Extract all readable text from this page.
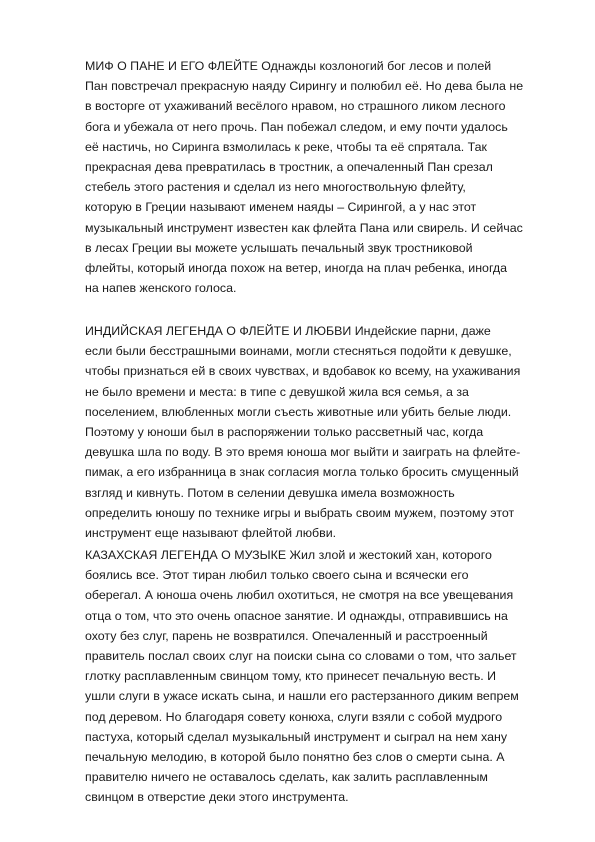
МИФ О ПАНЕ И ЕГО ФЛЕЙТЕ Однажды козлоногий бог лесов и полей
Пан повстречал прекрасную наяду Сирингу и полюбил её. Но дева была не
в восторге от ухаживаний весёлого нравом, но страшного ликом лесного
бога и убежала от него прочь. Пан побежал следом, и ему почти удалось
её настичь, но Сиринга взмолилась к реке, чтобы та её спрятала. Так
прекрасная дева превратилась в тростник, а опечаленный Пан срезал
стебель этого растения и сделал из него многоствольную флейту,
которую в Греции называют именем наяды – Сирингой, а у нас этот
музыкальный инструмент известен как флейта Пана или свирель. И сейчас
в лесах Греции вы можете услышать печальный звук тростниковой
флейты, который иногда похож на ветер, иногда на плач ребенка, иногда
на напев женского голоса.

ИНДИЙСКАЯ ЛЕГЕНДА О ФЛЕЙТЕ И ЛЮБВИ Индейские парни, даже
если были бесстрашными воинами, могли стесняться подойти к девушке,
чтобы признаться ей в своих чувствах, и вдобавок ко всему, на ухаживания
не было времени и места: в типе с девушкой жила вся семья, а за
поселением, влюбленных могли съесть животные или убить белые люди.
Поэтому у юноши был в распоряжении только рассветный час, когда
девушка шла по воду. В это время юноша мог выйти и заиграть на флейте-
пимак, а его избранница в знак согласия могла только бросить смущенный
взгляд и кивнуть. Потом в селении девушка имела возможность
определить юношу по технике игры и выбрать своим мужем, поэтому этот
инструмент еще называют флейтой любви.

КАЗАХСКАЯ ЛЕГЕНДА О МУЗЫКЕ Жил злой и жестокий хан, которого
боялись все. Этот тиран любил только своего сына и всячески его
оберегал. А юноша очень любил охотиться, не смотря на все увещевания
отца о том, что это очень опасное занятие. И однажды, отправившись на
охоту без слуг, парень не возвратился. Опечаленный и расстроенный
правитель послал своих слуг на поиски сына со словами о том, что зальет
глотку расплавленным свинцом тому, кто принесет печальную весть. И
ушли слуги в ужасе искать сына, и нашли его растерзанного диким вепрем
под деревом. Но благодаря совету конюха, слуги взяли с собой мудрого
пастуха, который сделал музыкальный инструмент и сыграл на нем хану
печальную мелодию, в которой было понятно без слов о смерти сына. А
правителю ничего не оставалось сделать, как залить расплавленным
свинцом в отверстие деки этого инструмента.
